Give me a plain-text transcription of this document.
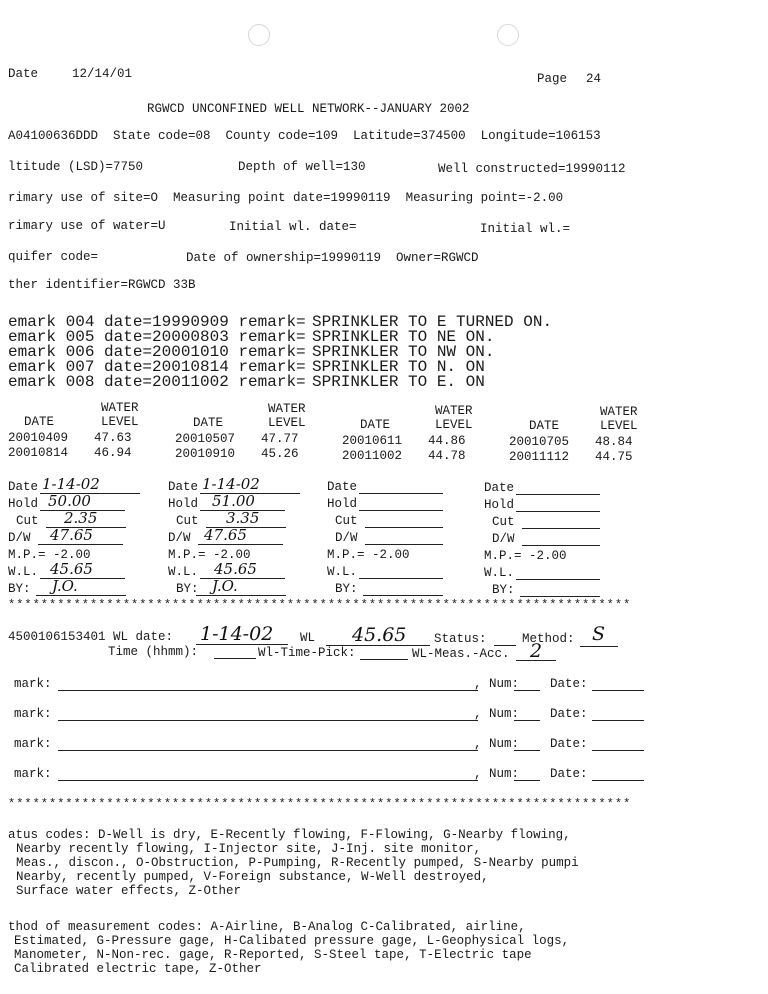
Date	12/14/01	Page 24
RGWCD UNCONFINED WELL NETWORK--JANUARY 2002
A04100636DDD  State code=08  County code=109  Latitude=374500  Longitude=106153
ltitude (LSD)=7750	Depth of well=130	Well constructed=19990112
rimary use of site=O  Measuring point date=19990119  Measuring point=-2.00
rimary use of water=U	Initial wl. date=	Initial wl.=
quifer code=	Date of ownership=19990119  Owner=RGWCD
ther identifier=RGWCD 33B
emark 004 date=19990909 remark= SPRINKLER TO E TURNED ON.
emark 005 date=20000803 remark= SPRINKLER TO NE ON.
emark 006 date=20001010 remark= SPRINKLER TO NW ON.
emark 007 date=20010814 remark= SPRINKLER TO N. ON
emark 008 date=20011002 remark= SPRINKLER TO E. ON
WATER
DATE	LEVEL
20010409 47.63
20010814 46.94
WATER
DATE	LEVEL
20010507 47.77
20010910 45.26
WATER
DATE	LEVEL
20010611 44.86
20011002 44.78
WATER
DATE	LEVEL
20010705 48.84
20011112 44.75
Date 1-14-02
Hold 50.00
Cut 2.35
D/W 47.65
M.P.= -2.00
W.L. 45.65
BY: J.O.
Date 1-14-02
Hold 51.00
Cut 3.35
D/W 47.65
M.P.= -2.00
W.L. 45.65
BY: J.O.
Date
Hold
Cut
D/W
M.P.= -2.00
W.L.
BY:
Date
Hold
Cut
D/W
M.P.= -2.00
W.L.
BY:
****************************************************************************
4500106153401 WL date: 1-14-02 WL 45.65 Status:	Method: S
Time (hhmm):	Wl-Time-Pick:	WL-Meas.-Acc. 2
mark:	, Num: Date:
mark:	, Num: Date:
mark:	, Num: Date:
mark:	, Num: Date:
****************************************************************************
atus codes: D-Well is dry, E-Recently flowing, F-Flowing, G-Nearby flowing,
Nearby recently flowing, I-Injector site, J-Inj. site monitor,
Meas., discon., O-Obstruction, P-Pumping, R-Recently pumped, S-Nearby pumpi
Nearby, recently pumped, V-Foreign substance, W-Well destroyed,
Surface water effects, Z-Other
thod of measurement codes: A-Airline, B-Analog C-Calibrated, airline,
Estimated, G-Pressure gage, H-Calibated pressure gage, L-Geophysical logs,
Manometer, N-Non-rec. gage, R-Reported, S-Steel tape, T-Electric tape
Calibrated electric tape, Z-Other
